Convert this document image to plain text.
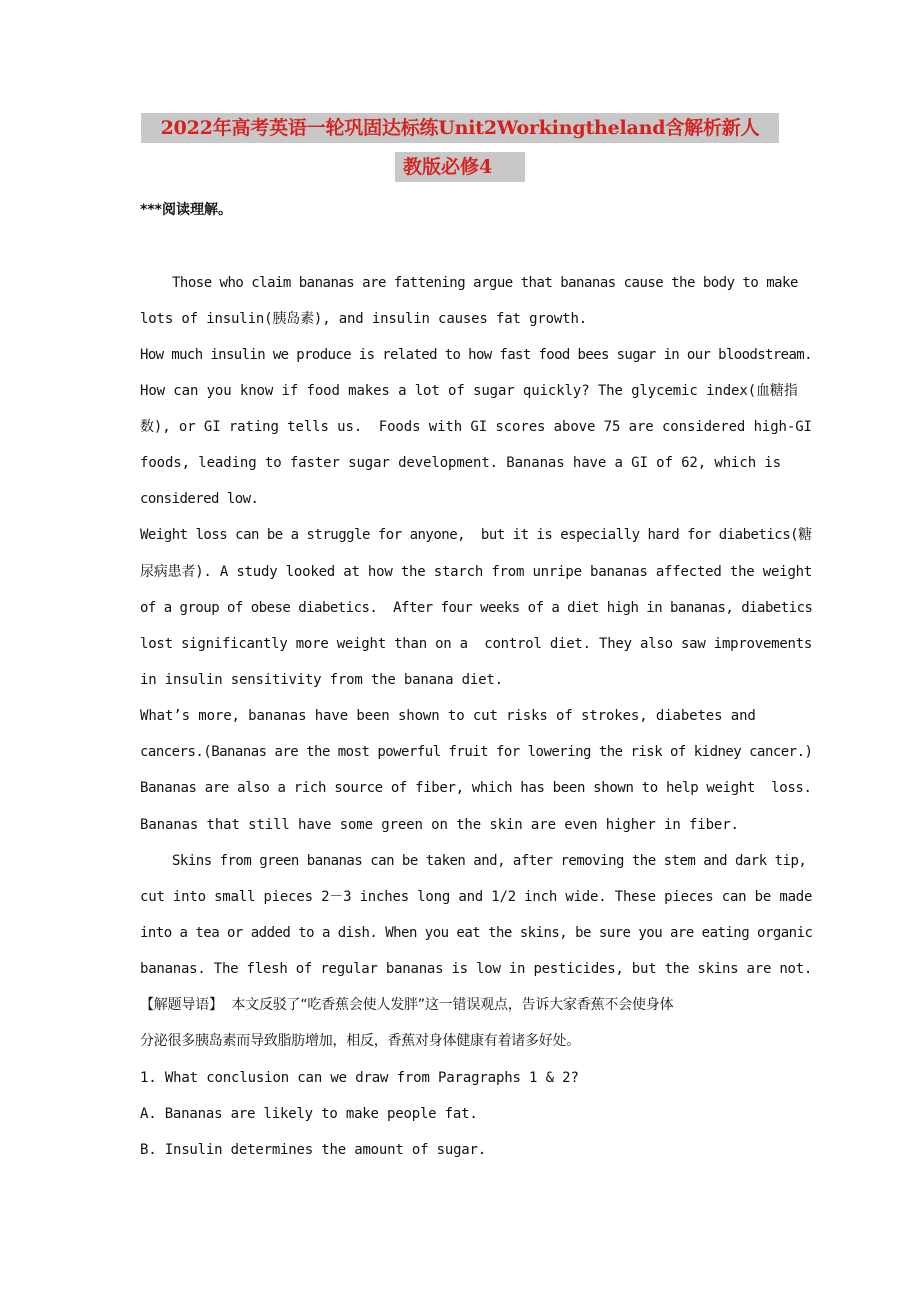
2022年高考英语一轮巩固达标练Unit2Workingtheland含解析新人
教版必修4
***阅读理解。
Those who claim bananas are fattening argue that bananas cause the body to make
lots of insulin(胰岛素), and insulin causes fat growth.
How much insulin we produce is related to how fast food bees sugar in our bloodstream.
How can you know if food makes a lot of sugar quickly? The glycemic index(血糖指
数), or GI rating tells us.  Foods with GI scores above 75 are considered high-GI
foods, leading to faster sugar development. Bananas have a GI of 62, which is
considered low.
Weight loss can be a struggle for anyone,  but it is especially hard for diabetics(糖
尿病患者). A study looked at how the starch from unripe bananas affected the weight
of a group of obese diabetics.  After four weeks of a diet high in bananas, diabetics
lost significantly more weight than on a  control diet. They also saw improvements
in insulin sensitivity from the banana diet.
What’s more, bananas have been shown to cut risks of strokes, diabetes and
cancers.(Bananas are the most powerful fruit for lowering the risk of kidney cancer.)
Bananas are also a rich source of fiber, which has been shown to help weight  loss.
Bananas that still have some green on the skin are even higher in fiber.
Skins from green bananas can be taken and, after removing the stem and dark tip,
cut into small pieces 2－3 inches long and 1/2 inch wide. These pieces can be made
into a tea or added to a dish. When you eat the skins, be sure you are eating organic
bananas. The flesh of regular bananas is low in pesticides, but the skins are not.
【解题导语】  本文反驳了“吃香蕉会使人发胖”这一错误观点，告诉大家香蕉不会使身体
分泌很多胰岛素而导致脂肪增加，相反，香蕉对身体健康有着诸多好处。
1. What conclusion can we draw from Paragraphs 1 & 2?
A. Bananas are likely to make people fat.
B. Insulin determines the amount of sugar.
